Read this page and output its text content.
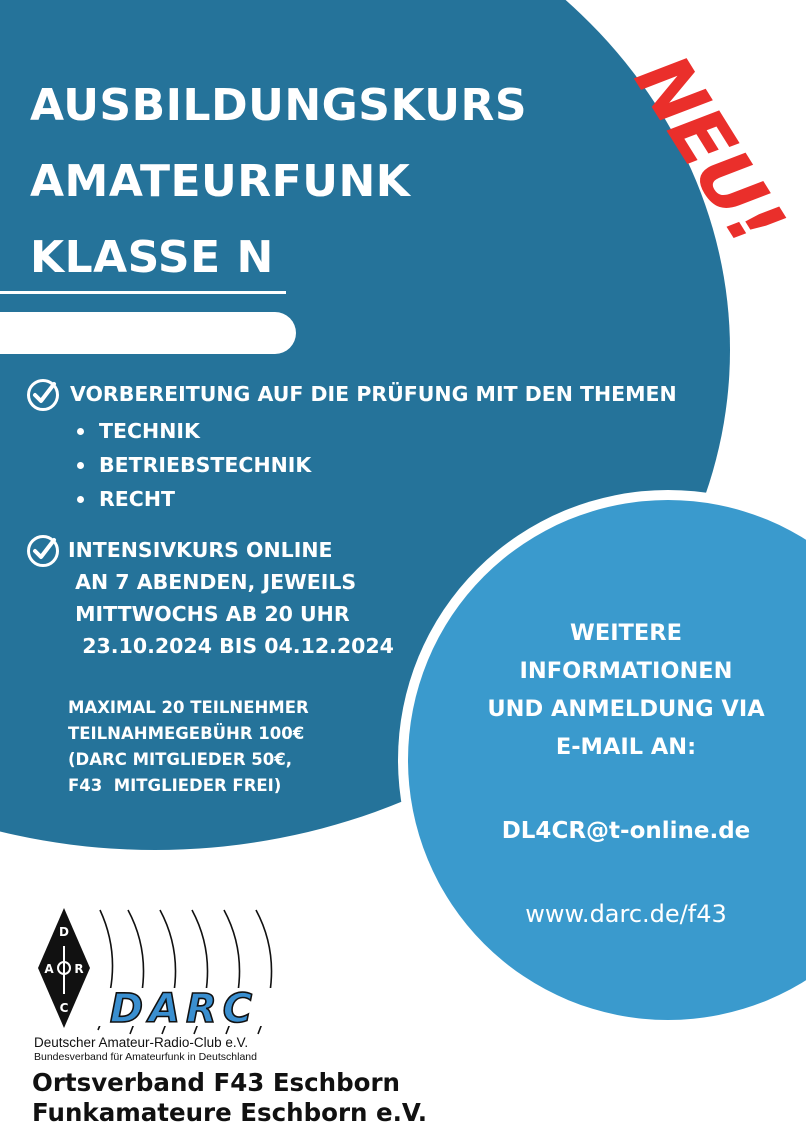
AUSBILDUNGSKURS
AMATEURFUNK
KLASSE N	NEU!
VORBEREITUNG AUF DIE PRÜFUNG MIT DEN THEMEN
TECHNIK
BETRIEBSTECHNIK
RECHT
INTENSIVKURS ONLINE
AN 7 ABENDEN, JEWEILS
MITTWOCHS AB 20 UHR
23.10.2024 BIS 04.12.2024
MAXIMAL 20 TEILNEHMER
TEILNAHMEGEBÜHR 100€
(DARC MITGLIEDER 50€,
F43  MITGLIEDER FREI)
WEITERE
INFORMATIONEN
UND ANMELDUNG VIA
E-MAIL AN:
DL4CR@t-online.de
www.darc.de/f43
D
A R
C DARC
Deutscher Amateur-Radio-Club e.V.
Bundesverband für Amateurfunk in Deutschland
Ortsverband F43 Eschborn
Funkamateure Eschborn e.V.
